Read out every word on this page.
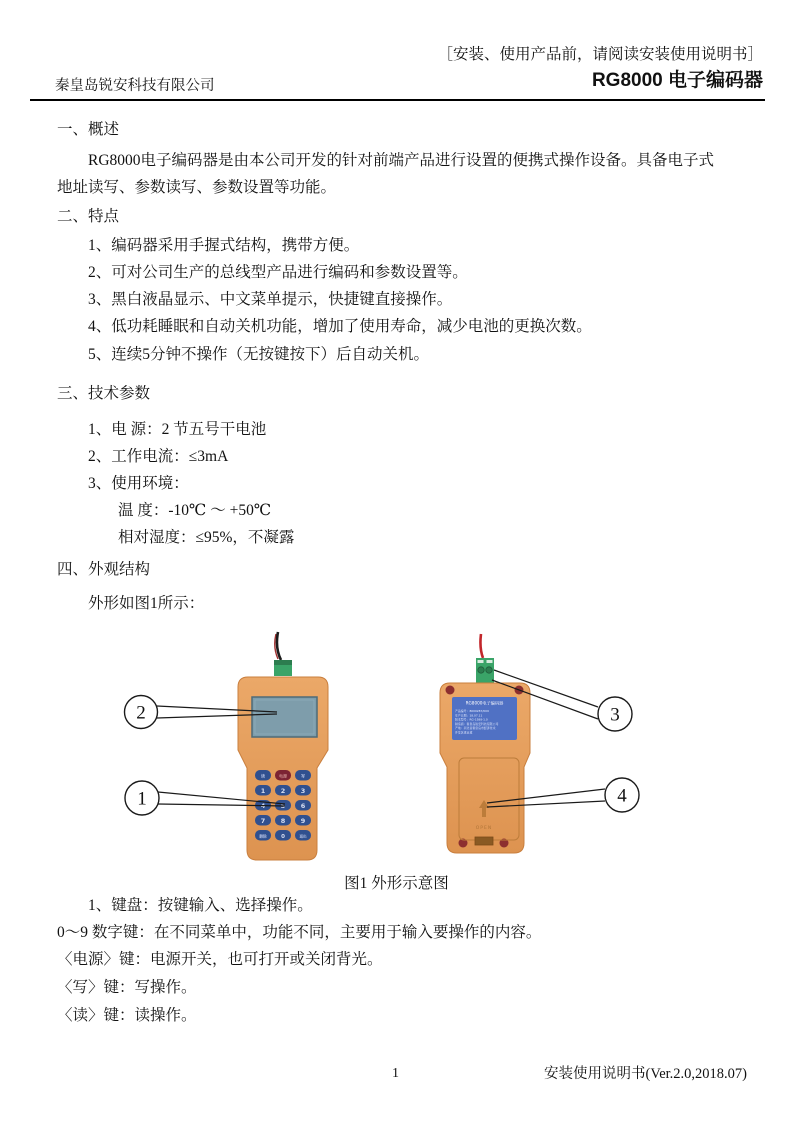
［安装、使用产品前，请阅读安装使用说明书］
秦皇岛锐安科技有限公司	RG8000 电子编码器
一、概述
RG8000电子编码器是由本公司开发的针对前端产品进行设置的便携式操作设备。具备电子式
地址读写、参数读写、参数设置等功能。
二、特点
1、编码器采用手握式结构，携带方便。
2、可对公司生产的总线型产品进行编码和参数设置等。
3、黑白液晶显示、中文菜单提示，快捷键直接操作。
4、低功耗睡眠和自动关机功能，增加了使用寿命，减少电池的更换次数。
5、连续5分钟不操作（无按键按下）后自动关机。
三、技术参数
1、电 源：2 节五号干电池
2、工作电流：≤3mA
3、使用环境：
温 度：-10℃ ～ +50℃
相对湿度：≤95%，不凝露
四、外观结构
外形如图1所示：
读	电源	写
1 2 3
6
7 8 9
删除	0	退出
2
1
RG8000电子编码器
产品编号：8000287/009
生产日期：18.07.11
版本型号：RG-1588-1.0
制造商：秦皇岛锐安科技有限公司
产地：河北省秦皇岛市经济技术
开发区建业道
OPEN
3
4
图1 外形示意图
1、键盘：按键输入、选择操作。
0～9 数字键：在不同菜单中，功能不同，主要用于输入要操作的内容。
〈电源〉键：电源开关，也可打开或关闭背光。
〈写〉键：写操作。
〈读〉键：读操作。
1	安装使用说明书(Ver.2.0,2018.07)
